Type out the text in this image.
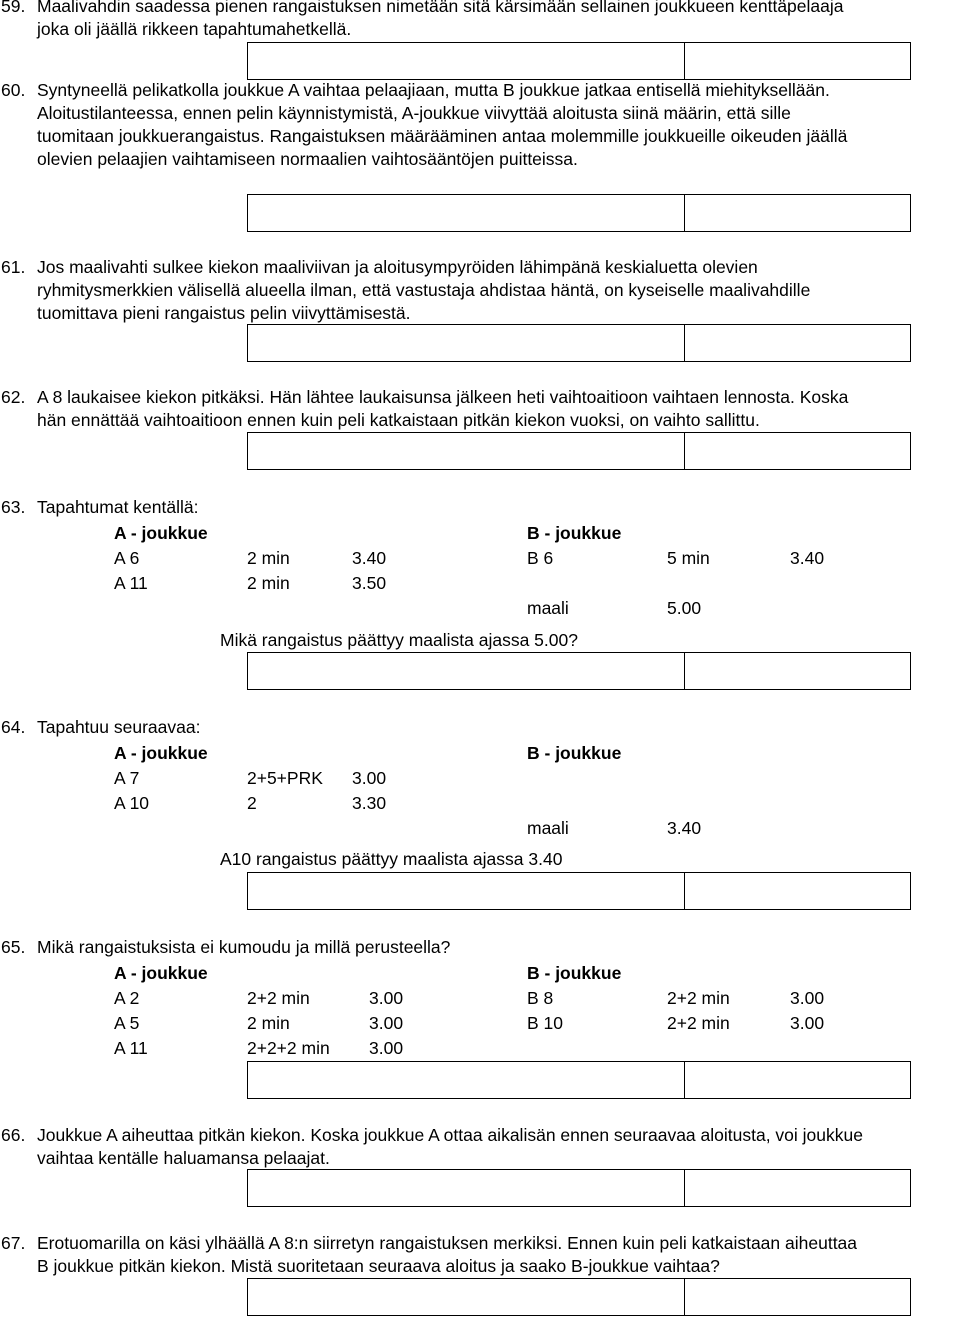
59. Maalivahdin saadessa pienen rangaistuksen nimetään sitä kärsimään sellainen joukkueen kenttäpelaaja
joka oli jäällä rikkeen tapahtumahetkellä.
60. Syntyneellä pelikatkolla joukkue A vaihtaa pelaajiaan, mutta B joukkue jatkaa entisellä miehityksellään.
Aloitustilanteessa, ennen pelin käynnistymistä, A-joukkue viivyttää aloitusta siinä määrin, että sille
tuomitaan joukkuerangaistus. Rangaistuksen määrääminen antaa molemmille joukkueille oikeuden jäällä
olevien pelaajien vaihtamiseen normaalien vaihtosääntöjen puitteissa.
61. Jos maalivahti sulkee kiekon maaliviivan ja aloitusympyröiden lähimpänä keskialuetta olevien
ryhmitysmerkkien välisellä alueella ilman, että vastustaja ahdistaa häntä, on kyseiselle maalivahdille
tuomittava pieni rangaistus pelin viivyttämisestä.
62. A 8 laukaisee kiekon pitkäksi. Hän lähtee laukaisunsa jälkeen heti vaihtoaitioon vaihtaen lennosta. Koska
hän ennättää vaihtoaitioon ennen kuin peli katkaistaan pitkän kiekon vuoksi, on vaihto sallittu.
63. Tapahtumat kentällä:
A - joukkue	B - joukkue
A 6	2 min	3.40	B 6	5 min	3.40
A 11	2 min	3.50
maali	5.00
Mikä rangaistus päättyy maalista ajassa 5.00?
64. Tapahtuu seuraavaa:
A - joukkue	B - joukkue
A 7	2+5+PRK 3.00
A 10	2	3.30
maali	3.40
A10 rangaistus päättyy maalista ajassa 3.40
65. Mikä rangaistuksista ei kumoudu ja millä perusteella?
A - joukkue	B - joukkue
A 2	2+2 min	3.00	B 8	2+2 min	3.00
A 5	2 min	3.00	B 10	2+2 min	3.00
A 11	2+2+2 min 3.00
66. Joukkue A aiheuttaa pitkän kiekon. Koska joukkue A ottaa aikalisän ennen seuraavaa aloitusta, voi joukkue
vaihtaa kentälle haluamansa pelaajat.
67. Erotuomarilla on käsi ylhäällä A 8:n siirretyn rangaistuksen merkiksi. Ennen kuin peli katkaistaan aiheuttaa
B joukkue pitkän kiekon. Mistä suoritetaan seuraava aloitus ja saako B-joukkue vaihtaa?
